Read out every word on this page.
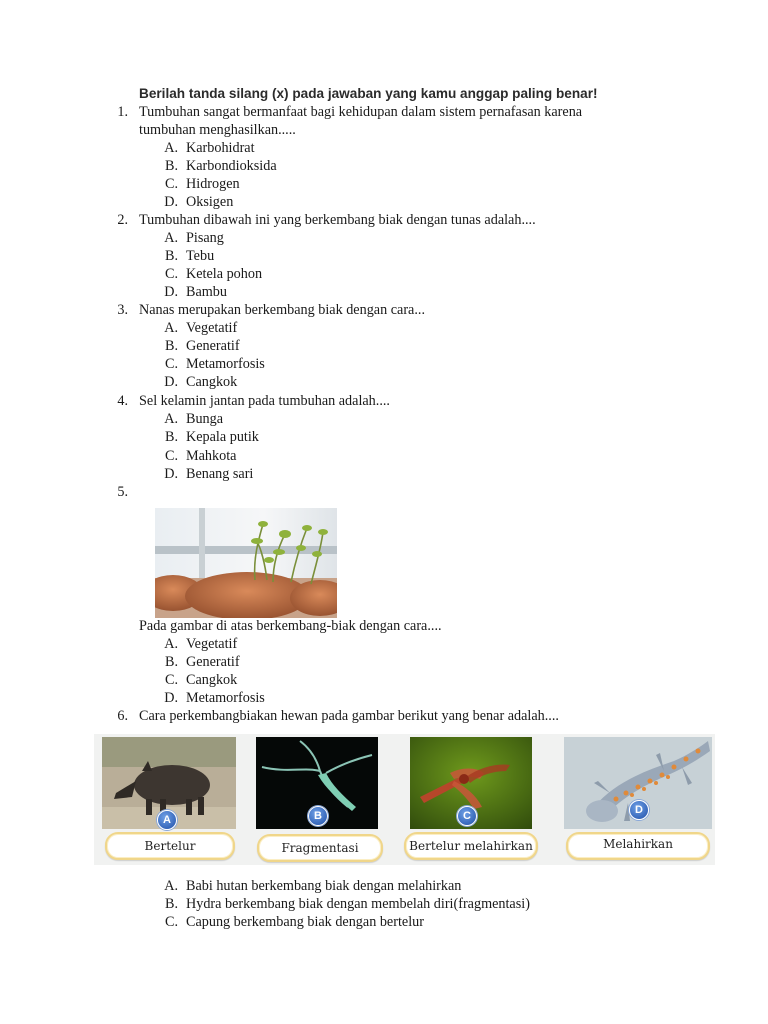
Berilah tanda silang (x) pada jawaban yang kamu anggap paling benar!
1. Tumbuhan sangat bermanfaat bagi kehidupan dalam sistem pernafasan karena
tumbuhan menghasilkan.....
A. Karbohidrat
B. Karbondioksida
C. Hidrogen
D. Oksigen
2. Tumbuhan dibawah ini yang berkembang biak dengan tunas adalah....
A. Pisang
B. Tebu
C. Ketela pohon
D. Bambu
3. Nanas merupakan berkembang biak dengan cara...
A. Vegetatif
B. Generatif
C. Metamorfosis
D. Cangkok
4. Sel kelamin jantan pada tumbuhan adalah....
A. Bunga
B. Kepala putik
C. Mahkota
D. Benang sari
5.
Pada gambar di atas berkembang-biak dengan cara....
A. Vegetatif
B. Generatif
C. Cangkok
D. Metamorfosis
6. Cara perkembangbiakan hewan pada gambar berikut yang benar adalah....
A
Bertelur
B
Fragmentasi
C
Bertelur melahirkan
D
Melahirkan
A. Babi hutan berkembang biak dengan melahirkan
B. Hydra berkembang biak dengan membelah diri(fragmentasi)
C. Capung berkembang biak dengan bertelur
